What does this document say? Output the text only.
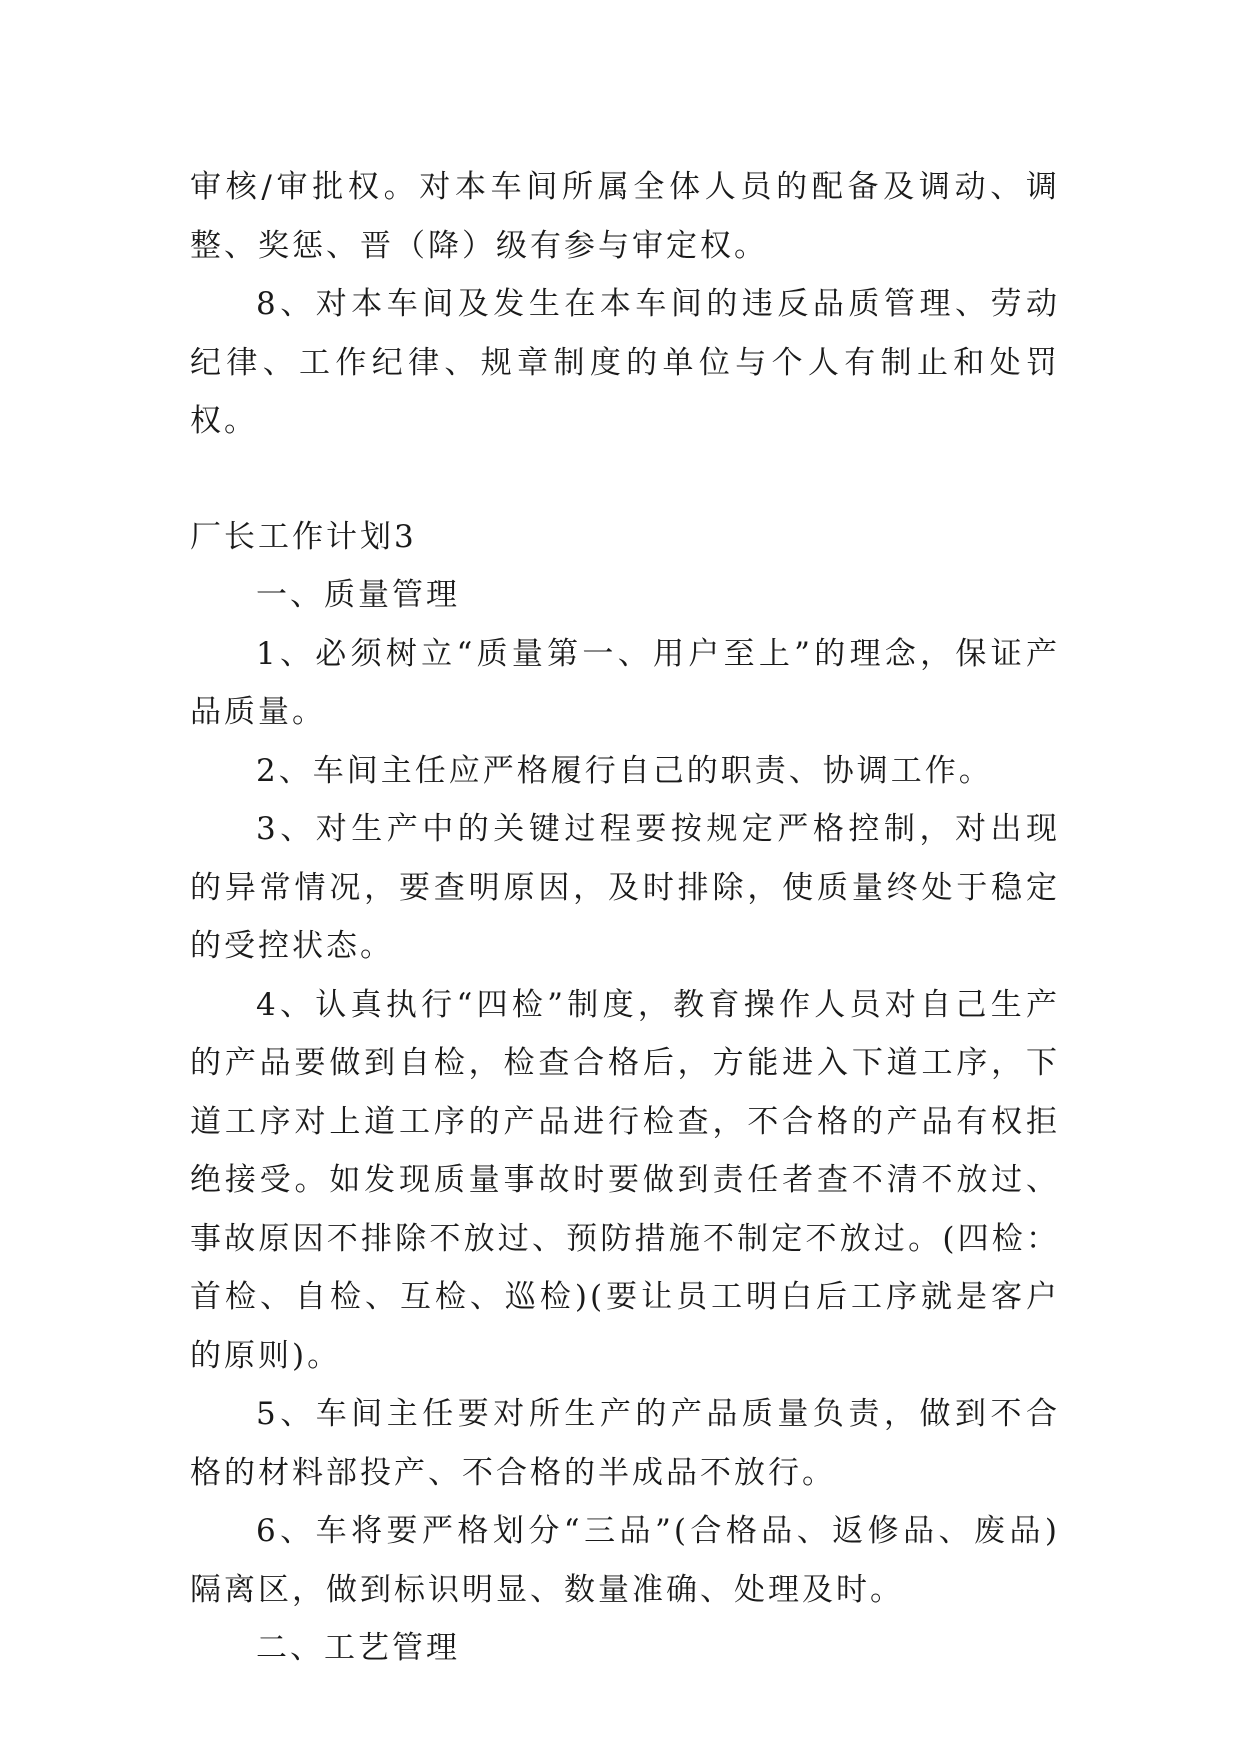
审核/审批权。对本车间所属全体人员的配备及调动、调整、奖惩、晋（降）级有参与审定权。

8、对本车间及发生在本车间的违反品质管理、劳动纪律、工作纪律、规章制度的单位与个人有制止和处罚权。

厂长工作计划3

一、质量管理

1、必须树立“质量第一、用户至上”的理念，保证产品质量。

2、车间主任应严格履行自己的职责、协调工作。

3、对生产中的关键过程要按规定严格控制，对出现的异常情况，要查明原因，及时排除，使质量终处于稳定的受控状态。

4、认真执行“四检”制度，教育操作人员对自己生产的产品要做到自检，检查合格后，方能进入下道工序，下道工序对上道工序的产品进行检查，不合格的产品有权拒绝接受。如发现质量事故时要做到责任者查不清不放过、事故原因不排除不放过、预防措施不制定不放过。(四检：首检、自检、互检、巡检)(要让员工明白后工序就是客户的原则)。

5、车间主任要对所生产的产品质量负责，做到不合格的材料部投产、不合格的半成品不放行。

6、车将要严格划分“三品”(合格品、返修品、废品)隔离区，做到标识明显、数量准确、处理及时。

二、工艺管理
